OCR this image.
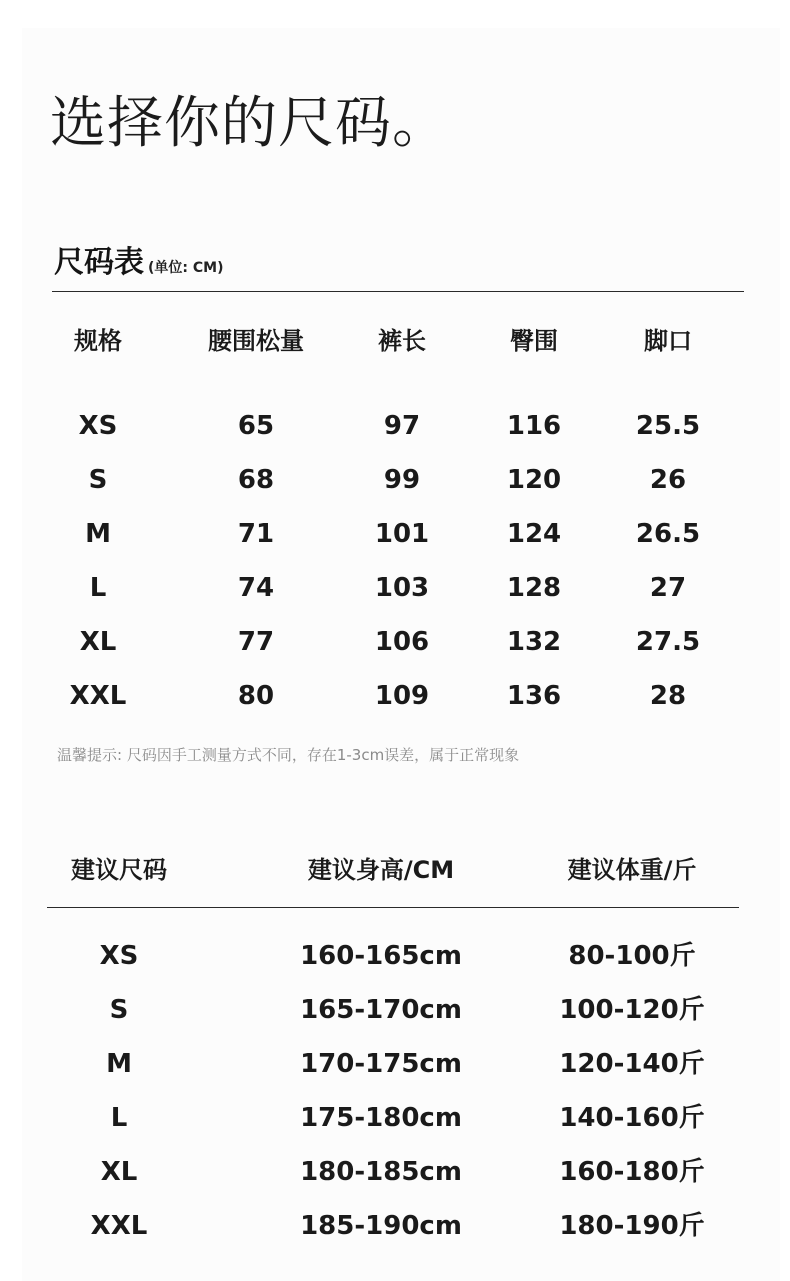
选择你的尺码。
尺码表 (单位: CM)
规格	腰围松量	裤长	臀围	脚口
XS	65	97	116	25.5
S	68	99	120	26
M	71	101	124	26.5
L	74	103	128	27
XL	77	106	132	27.5
XXL	80	109	136	28
温馨提示: 尺码因手工测量方式不同，存在1-3cm误差，属于正常现象
建议尺码	建议身高/CM	建议体重/斤
XS	160-165cm	80-100斤
S	165-170cm	100-120斤
M	170-175cm	120-140斤
L	175-180cm	140-160斤
XL	180-185cm	160-180斤
XXL	185-190cm	180-190斤
